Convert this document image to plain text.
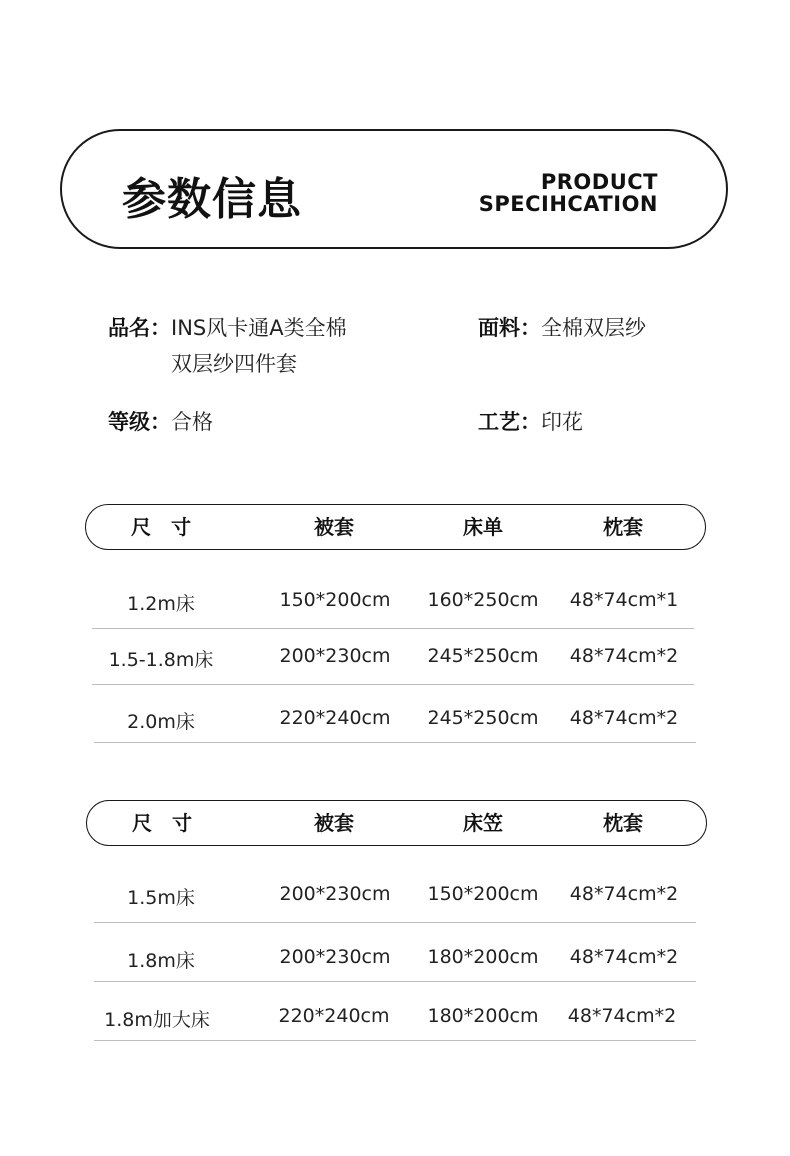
参数信息	PRODUCT
SPECIHCATION
品名：INS风卡通A类全棉
双层纱四件套
面料：全棉双层纱
等级：合格	工艺：印花
尺　寸	被套	床单	枕套
1.2m床	150*200cm	160*250cm	48*74cm*1
1.5-1.8m床	200*230cm	245*250cm	48*74cm*2
2.0m床	220*240cm	245*250cm	48*74cm*2
尺　寸	被套	床笠	枕套
1.5m床	200*230cm	150*200cm	48*74cm*2
1.8m床	200*230cm	180*200cm	48*74cm*2
1.8m加大床	220*240cm	180*200cm	48*74cm*2
